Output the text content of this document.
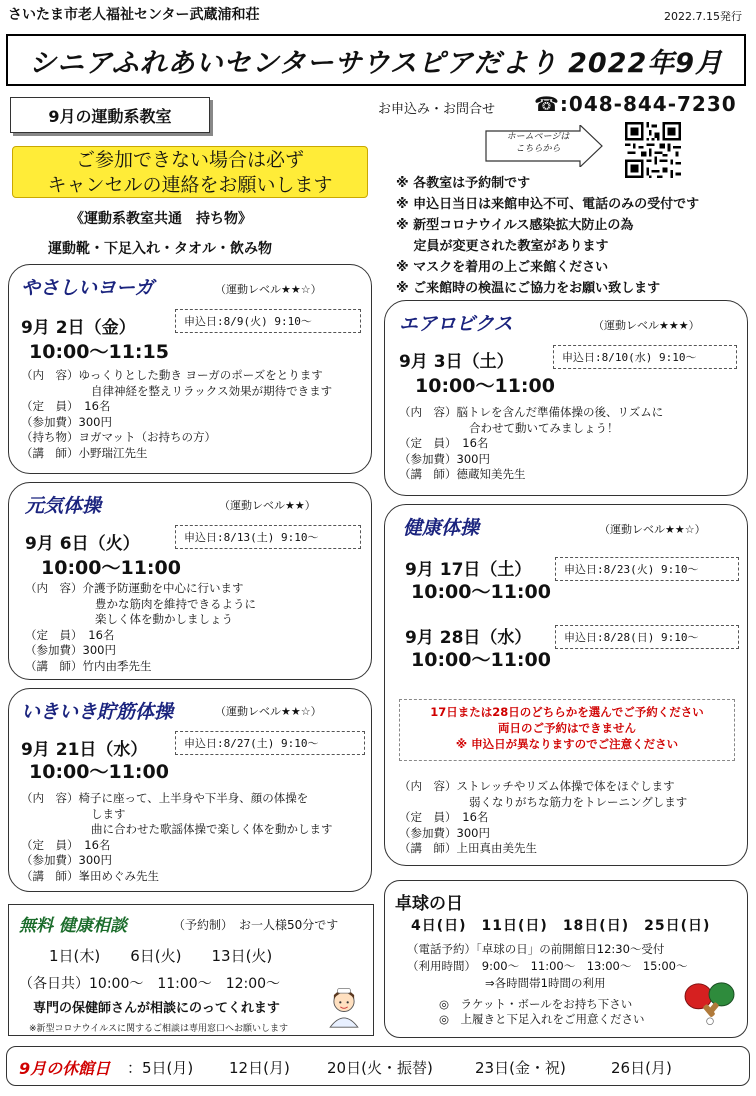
さいたま市老人福祉センター武蔵浦和荘	2022.7.15発行
シニアふれあいセンターサウスピアだより 2022年9月
9月の運動系教室	お申込み・お問合せ ☎:048-844-7230
ホームページは
こちらから
ご参加できない場合は必ず
キャンセルの連絡をお願いします
《運動系教室共通　持ち物》
運動靴・下足入れ・タオル・飲み物
※ 各教室は予約制です
※ 申込日当日は来館申込不可、電話のみの受付です
※ 新型コロナウイルス感染拡大防止の為
　 定員が変更された教室があります
※ マスクを着用の上ご来館ください
※ ご来館時の検温にご協力をお願い致します
やさしいヨーガ	（運動レベル★★☆）
申込日:8/9(火) 9:10～
9月 2日（金）
10:00～11:15
（内　容）ゆっくりとした動き ヨーガのポーズをとります
自律神経を整えリラックス効果が期待できます
（定　員）　16名
（参加費）300円
（持ち物）ヨガマット（お持ちの方）
（講　師）小野瑞江先生
元気体操	（運動レベル★★）
申込日:8/13(土) 9:10～
9月 6日（火）
10:00～11:00
（内　容）介護予防運動を中心に行います
豊かな筋肉を維持できるように
楽しく体を動かしましょう
（定　員）　16名
（参加費）300円
（講　師）竹内由季先生
いきいき貯筋体操	（運動レベル★★☆）
申込日:8/27(土) 9:10～
9月 21日（水）
10:00～11:00
（内　容）椅子に座って、上半身や下半身、顔の体操を
します
曲に合わせた歌謡体操で楽しく体を動かします
（定　員）　16名
（参加費）300円
（講　師）峯田めぐみ先生
エアロビクス	（運動レベル★★★）
申込日:8/10(水) 9:10～
9月 3日（土）
10:00～11:00
（内　容）脳トレを含んだ準備体操の後、リズムに
合わせて動いてみましょう！
（定　員）　16名
（参加費）300円
（講　師）德蔵知美先生
健康体操	（運動レベル★★☆）
申込日:8/23(火) 9:10～
9月 17日（土）
10:00～11:00
申込日:8/28(日) 9:10～
9月 28日（水）
10:00～11:00
17日または28日のどちらかを選んでご予約ください
両日のご予約はできません
※ 申込日が異なりますのでご注意ください
（内　容）ストレッチやリズム体操で体をほぐします
弱くなりがちな筋力をトレーニングします
（定　員）　16名
（参加費）300円
（講　師）上田真由美先生
無料 健康相談	（予約制）　お一人様50分です
1日(木)　　6日(火)　　13日(火)
（各日共）10:00～　11:00～　12:00～
専門の保健師さんが相談にのってくれます
※新型コロナウイルスに関するご相談は専用窓口へお願いします
卓球の日
4日(日)　11日(日)　18日(日)　25日(日)
（電話予約）「卓球の日」の前開館日12:30～受付
（利用時間）　9:00～　11:00～　13:00～　15:00～
⇒各時間帯1時間の利用
◎　ラケット・ボールをお持ち下さい
◎　上履きと下足入れをご用意ください
9月の休館日 ：5日(月) 12日(月) 20日(火・振替)	23日(金・祝)	26日(月)
